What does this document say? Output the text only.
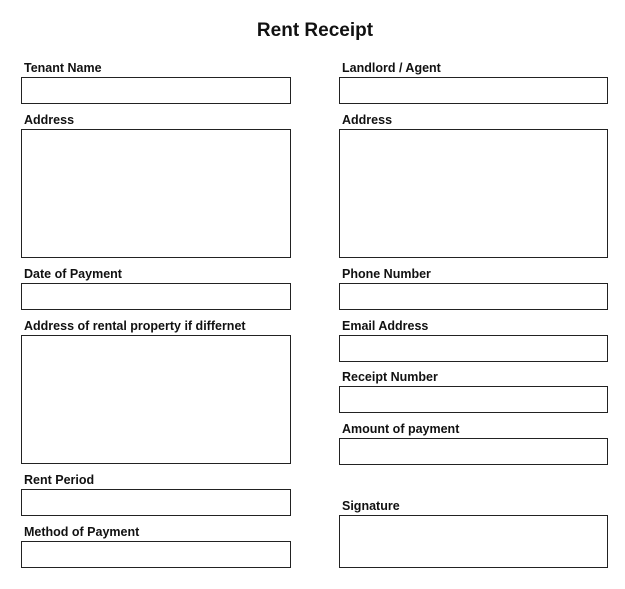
Rent Receipt
Tenant Name
Address
Date of Payment
Address of rental property if differnet
Rent Period
Method of Payment
Landlord / Agent
Address
Phone Number
Email Address
Receipt Number
Amount of payment
Signature
